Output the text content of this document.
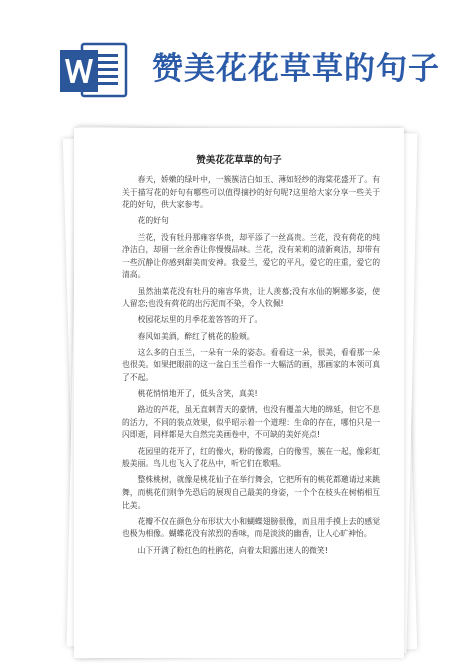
赞美花花草草的句子
赞美花花草草的句子

春天，娇嫩的绿叶中，一簇簇洁白如玉、薄如轻纱的海棠花盛开了。有关于描写花的好句有哪些可以值得摘抄的好句呢?这里给大家分享一些关于花的好句，供大家参考。

花的好句

兰花，没有牡丹那雍容华贵，却平添了一丝高贵。兰花，没有荷花的纯净洁白，却留一丝余香让你慢慢品味。兰花，没有茉莉的清新爽洁，却带有一些沉静让你感到甜美而安神。我爱兰，爱它的平凡，爱它的庄重，爱它的清高。

虽然油菜花没有牡丹的雍容华贵，让人羡慕;没有水仙的婀娜多姿，使人留恋;也没有荷花的出污泥而不染，令人钦佩!

校园花坛里的月季花羞答答的开了。

春风如美酒，醉红了桃花的脸颊。

这么多的白玉兰，一朵有一朵的姿态。看看这一朵，很美，看看那一朵也很美。如果把眼前的这一盆白玉兰看作一大幅活的画，那画家的本领可真了不起。

桃花悄悄地开了，低头含笑，真美!

路边的芦花，虽无直刺青天的豪情，也没有覆盖大地的绵延，但它不息的活力，不同的装点效果，似乎昭示着一个道理：生命的存在，哪怕只是一闪即逝，同样都是大自然完美画卷中，不可缺的美好亮点!

花园里的花开了，红的像火，粉的像霞，白的像雪，簇在一起，像彩虹般美丽。鸟儿也飞入了花丛中，听它们在歌唱。

整株桃树，就像是桃花仙子在举行舞会，它把所有的桃花都邀请过来跳舞，而桃花们则争先恐后的展现自己最美的身姿，一个个在枝头在树梢相互比美。

花瓣不仅在颜色分布形状大小和蝴蝶翅膀很像，而且用手摸上去的感觉也极为相像。蝴蝶花没有浓烈的香味，而是淡淡的幽香，让人心旷神怡。

山下开满了粉红色的杜鹃花，向着太阳露出迷人的微笑!
